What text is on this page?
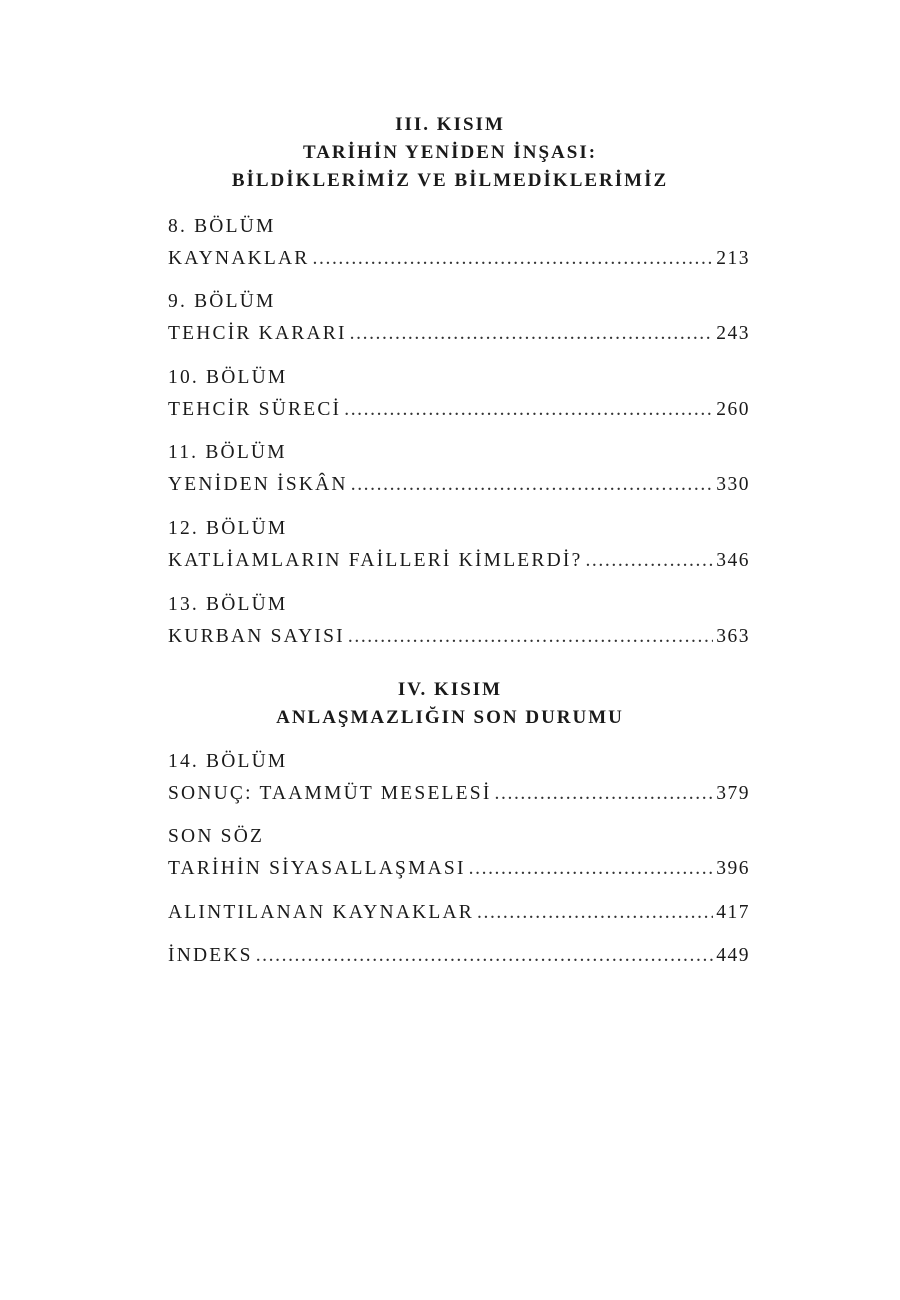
III. KISIM
TARİHİN YENİDEN İNŞASI:
BİLDİKLERİMİZ VE BİLMEDİKLERİMİZ
8. BÖLÜM
KAYNAKLAR .....	213
9. BÖLÜM
TEHCİR KARARI .....	243
10. BÖLÜM
TEHCİR SÜRECİ .....	260
11. BÖLÜM
YENİDEN İSKÂN .....	330
12. BÖLÜM
KATLİAMLARIN FAİLLERİ KİMLERDİ? .....	346
13. BÖLÜM
KURBAN SAYISI .....	363
IV. KISIM
ANLAŞMAZLIĞIN SON DURUMU
14. BÖLÜM
SONUÇ: TAAMMÜT MESELESİ .....	379
SON SÖZ
TARİHİN SİYASALLAŞMASI .....	396
ALINTILANAN KAYNAKLAR .....	417
İNDEKS .....	449
